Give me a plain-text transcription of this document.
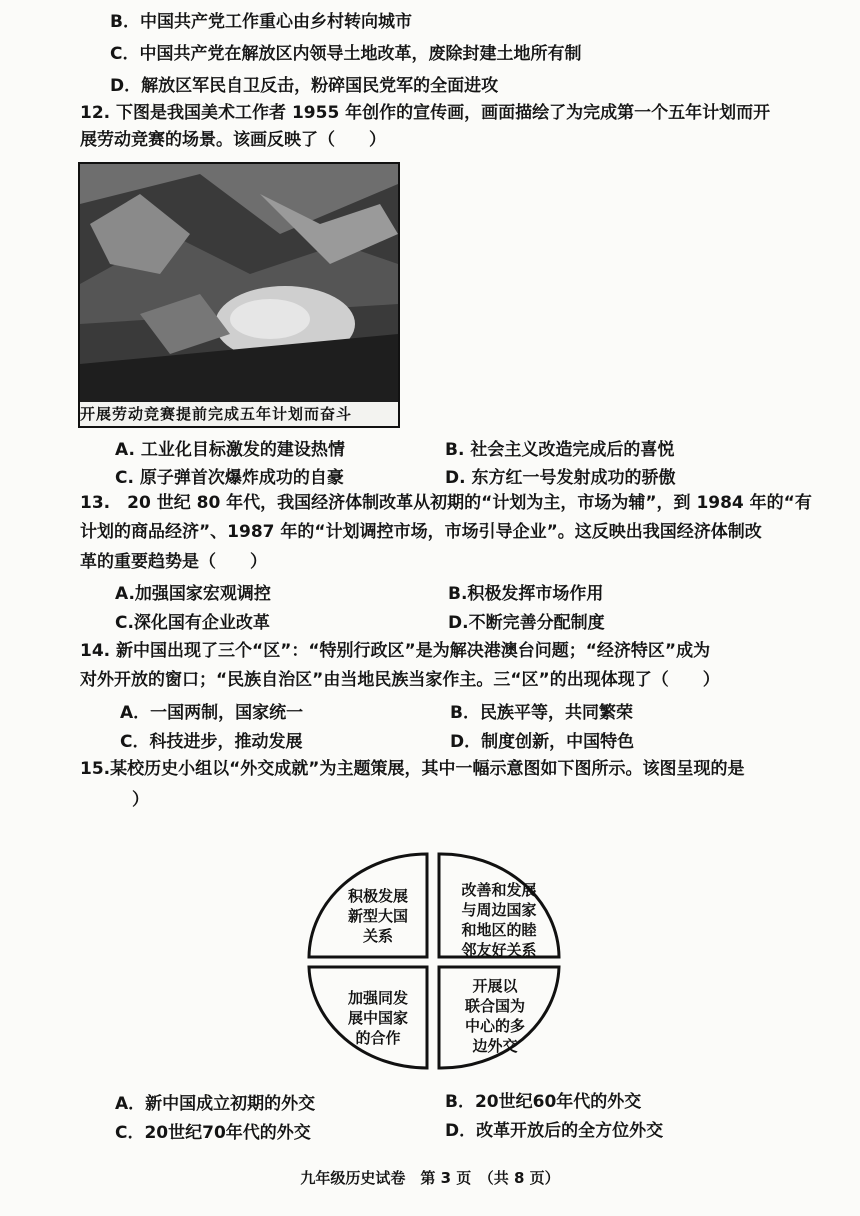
B．中国共产党工作重心由乡村转向城市
C．中国共产党在解放区内领导土地改革，废除封建土地所有制
D．解放区军民自卫反击，粉碎国民党军的全面进攻
12. 下图是我国美术工作者 1955 年创作的宣传画，画面描绘了为完成第一个五年计划而开
展劳动竞赛的场景。该画反映了（　　）
开展劳动竞赛提前完成五年计划而奋斗
A. 工业化目标激发的建设热情	B. 社会主义改造完成后的喜悦
C. 原子弹首次爆炸成功的自豪	D. 东方红一号发射成功的骄傲
13.　20 世纪 80 年代，我国经济体制改革从初期的“计划为主，市场为辅”，到 1984 年的“有
计划的商品经济”、1987 年的“计划调控市场，市场引导企业”。这反映出我国经济体制改
革的重要趋势是（　　）
A.加强国家宏观调控	B.积极发挥市场作用
C.深化国有企业改革	D.不断完善分配制度
14. 新中国出现了三个“区”：“特别行政区”是为解决港澳台问题；“经济特区”成为
对外开放的窗口；“民族自治区”由当地民族当家作主。三“区”的出现体现了（　　）
A．一国两制，国家统一	B．民族平等，共同繁荣
C．科技进步，推动发展	D．制度创新，中国特色
15.某校历史小组以“外交成就”为主题策展，其中一幅示意图如下图所示。该图呈现的是
）
积极发展
新型大国
关系
改善和发展
与周边国家
和地区的睦
邻友好关系
加强同发
展中国家
的合作
开展以
联合国为
中心的多
边外交
A．新中国成立初期的外交	B．20世纪60年代的外交
C．20世纪70年代的外交	D．改革开放后的全方位外交
九年级历史试卷　第 3 页　（共 8 页）
